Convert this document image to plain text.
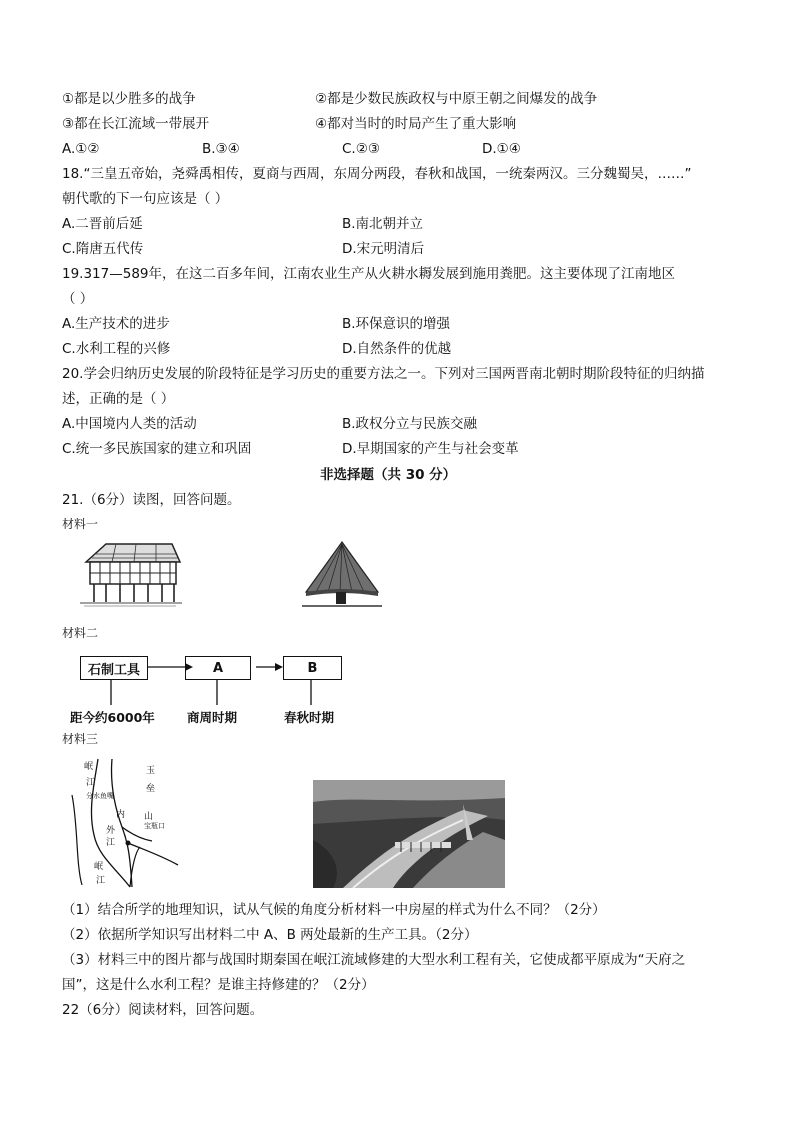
①都是以少胜多的战争	②都是少数民族政权与中原王朝之间爆发的战争
③都在长江流域一带展开	④都对当时的时局产生了重大影响
A.①②	B.③④	C.②③	D.①④
18.“三皇五帝始，尧舜禹相传，夏商与西周，东周分两段，春秋和战国，一统秦两汉。三分魏蜀吴，……”
朝代歌的下一句应该是（ ）
A.二晋前后延	B.南北朝并立
C.隋唐五代传	D.宋元明清后
19.317—589年，在这二百多年间，江南农业生产从火耕水耨发展到施用粪肥。这主要体现了江南地区
（ ）
A.生产技术的进步	B.环保意识的增强
C.水利工程的兴修	D.自然条件的优越
20.学会归纳历史发展的阶段特征是学习历史的重要方法之一。下列对三国两晋南北朝时期阶段特征的归纳描
述，正确的是（ ）
A.中国境内人类的活动	B.政权分立与民族交融
C.统一多民族国家的建立和巩固	D.早期国家的产生与社会变革
非选择题（共 30 分）
21.（6分）读图，回答问题。
材料一
材料二
石制工具	A	B
距今约6000年	商周时期	春秋时期
材料三
岷
江
分水鱼嘴
内
外
江
玉
垒
山
宝瓶口
岷
江
（1）结合所学的地理知识，试从气候的角度分析材料一中房屋的样式为什么不同？（2分）
（2）依据所学知识写出材料二中 A、B 两处最新的生产工具。（2分）
（3）材料三中的图片都与战国时期秦国在岷江流域修建的大型水利工程有关，它使成都平原成为“天府之
国”，这是什么水利工程？是谁主持修建的？（2分）
22（6分）阅读材料，回答问题。
